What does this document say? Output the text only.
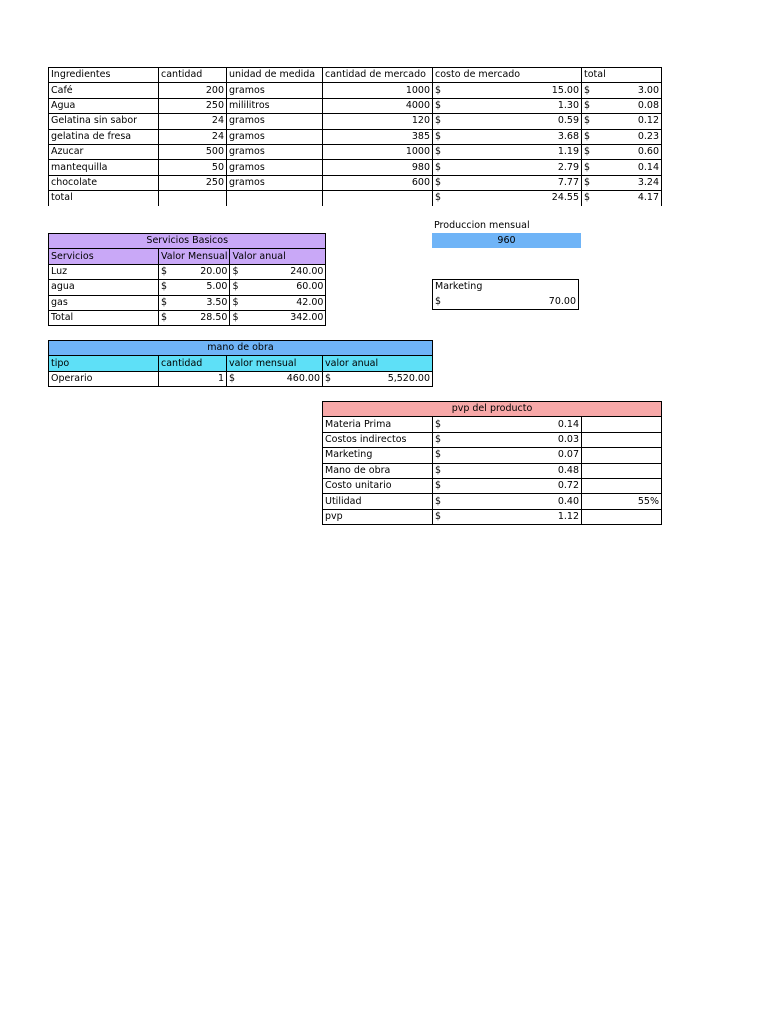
Ingredientes	cantidad	unidad de medida	cantidad de mercado	costo de mercado	total
Café	200	gramos	1000	$ 15.00	$ 3.00

Agua	250	mililitros	4000	$ 1.30	$ 0.08

Gelatina sin sabor	24	gramos	120	$ 0.59	$ 0.12

gelatina de fresa	24	gramos	385	$ 3.68	$ 0.23

Azucar	500	gramos	1000	$ 1.19	$ 0.60

mantequilla	50	gramos	980	$ 2.79	$ 0.14

chocolate	250	gramos	600	$ 7.77	$ 3.24

total				$ 24.55	$ 4.17
Servicios Basicos		
Servicios	Valor Mensual	Valor anual
Luz	$ 20.00	$ 240.00

agua	$ 5.00	$ 60.00

gas	$ 3.50	$ 42.00

Total	$ 28.50	$ 342.00
Produccion mensual
960
Marketing

$	70.00
mano de obra			
tipo	cantidad	valor mensual	valor anual
Operario	1	$ 460.00	$ 5,520.00
pvp del producto		
Materia Prima	$ 0.14	

Costos indirectos	$ 0.03	

Marketing	$ 0.07	

Mano de obra	$ 0.48	

Costo unitario	$ 0.72	

Utilidad	$ 0.40	55%
pvp	$ 1.12	
